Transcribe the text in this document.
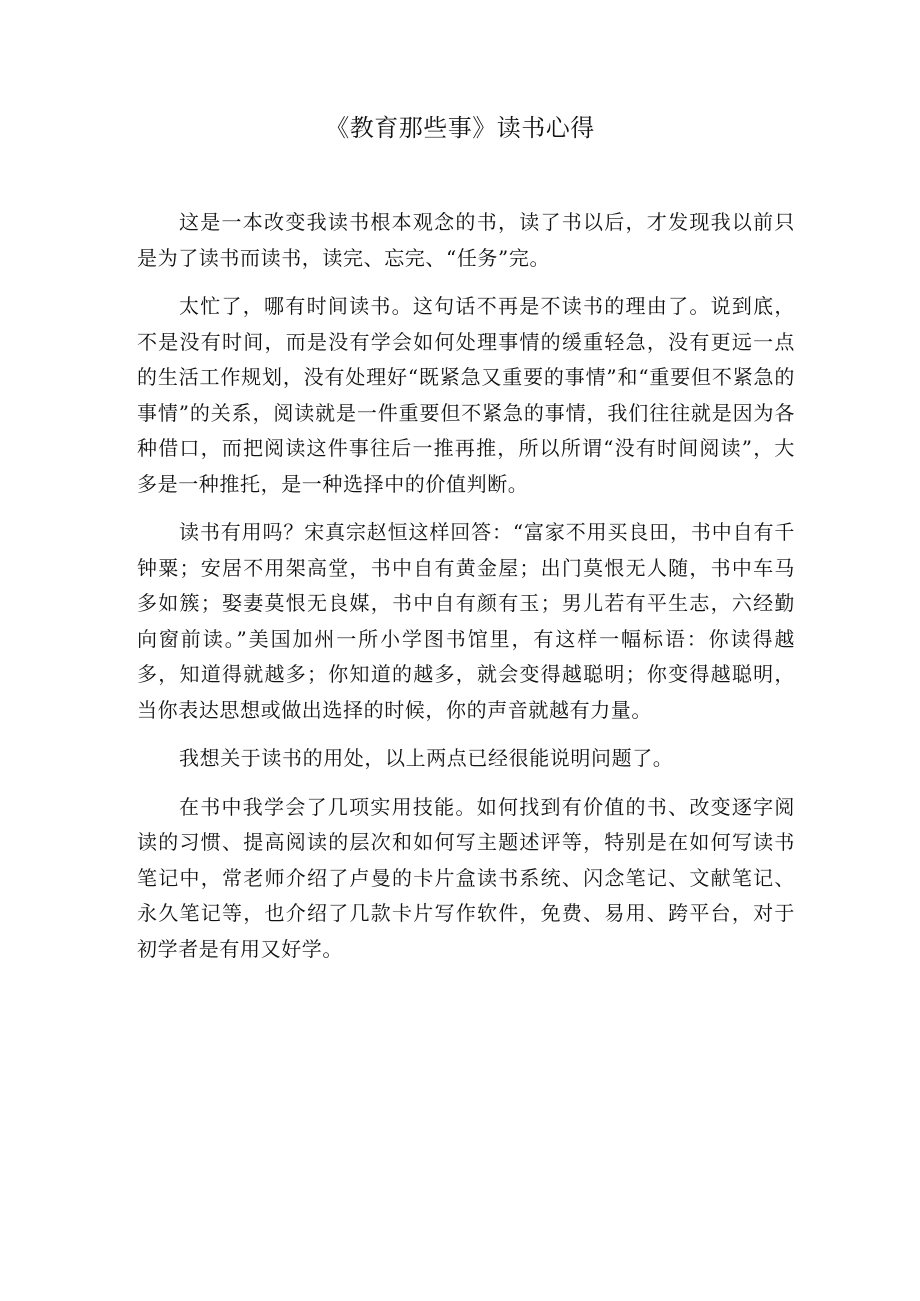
《教育那些事》读书心得

这是一本改变我读书根本观念的书，读了书以后，才发现我以前只是为了读书而读书，读完、忘完、“任务”完。

太忙了，哪有时间读书。这句话不再是不读书的理由了。说到底，不是没有时间，而是没有学会如何处理事情的缓重轻急，没有更远一点的生活工作规划，没有处理好“既紧急又重要的事情”和“重要但不紧急的事情”的关系，阅读就是一件重要但不紧急的事情，我们往往就是因为各种借口，而把阅读这件事往后一推再推，所以所谓“没有时间阅读”，大多是一种推托，是一种选择中的价值判断。

读书有用吗？宋真宗赵恒这样回答：“富家不用买良田，书中自有千钟粟；安居不用架高堂，书中自有黄金屋；出门莫恨无人随，书中车马多如簇；娶妻莫恨无良媒，书中自有颜有玉；男儿若有平生志，六经勤向窗前读。”美国加州一所小学图书馆里，有这样一幅标语：你读得越多，知道得就越多；你知道的越多，就会变得越聪明；你变得越聪明，当你表达思想或做出选择的时候，你的声音就越有力量。

我想关于读书的用处，以上两点已经很能说明问题了。

在书中我学会了几项实用技能。如何找到有价值的书、改变逐字阅读的习惯、提高阅读的层次和如何写主题述评等，特别是在如何写读书笔记中，常老师介绍了卢曼的卡片盒读书系统、闪念笔记、文献笔记、永久笔记等，也介绍了几款卡片写作软件，免费、易用、跨平台，对于初学者是有用又好学。
